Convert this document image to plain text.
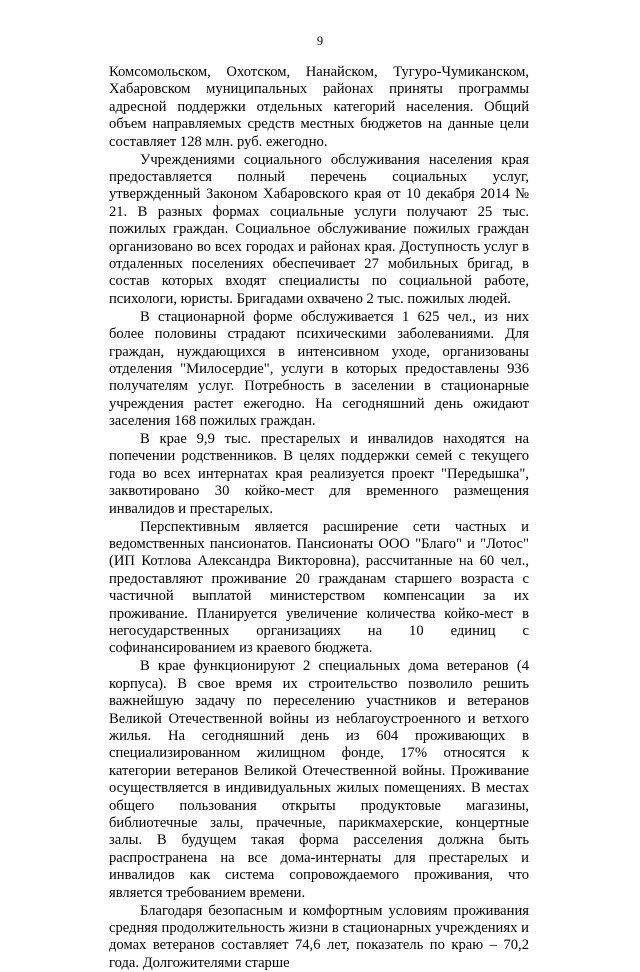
9

Комсомольском, Охотском, Нанайском, Тугуро-Чумиканском, Хабаровском муниципальных районах приняты программы адресной поддержки отдельных категорий населения. Общий объем направляемых средств местных бюджетов на данные цели составляет 128 млн. руб. ежегодно.

Учреждениями социального обслуживания населения края предоставляется полный перечень социальных услуг, утвержденный Законом Хабаровского края от 10 декабря 2014 № 21. В разных формах социальные услуги получают 25 тыс. пожилых граждан. Социальное обслуживание пожилых граждан организовано во всех городах и районах края. Доступность услуг в отдаленных поселениях обеспечивает 27 мобильных бригад, в состав которых входят специалисты по социальной работе, психологи, юристы. Бригадами охвачено 2 тыс. пожилых людей.

В стационарной форме обслуживается 1 625 чел., из них более половины страдают психическими заболеваниями. Для граждан, нуждающихся в интенсивном уходе, организованы отделения "Милосердие", услуги в которых предоставлены 936 получателям услуг. Потребность в заселении в стационарные учреждения растет ежегодно. На сегодняшний день ожидают заселения 168 пожилых граждан.

В крае 9,9 тыс. престарелых и инвалидов находятся на попечении родственников. В целях поддержки семей с текущего года во всех интернатах края реализуется проект "Передышка", заквотировано 30 койко-мест для временного размещения инвалидов и престарелых.

Перспективным является расширение сети частных и ведомственных пансионатов. Пансионаты ООО "Благо" и "Лотос" (ИП Котлова Александра Викторовна), рассчитанные на 60 чел., предоставляют проживание 20 гражданам старшего возраста с частичной выплатой министерством компенсации за их проживание. Планируется увеличение количества койко-мест в негосударственных организациях на 10 единиц с софинансированием из краевого бюджета.

В крае функционируют 2 специальных дома ветеранов (4 корпуса). В свое время их строительство позволило решить важнейшую задачу по переселению участников и ветеранов Великой Отечественной войны из неблагоустроенного и ветхого жилья. На сегодняшний день из 604 проживающих в специализированном жилищном фонде, 17% относятся к категории ветеранов Великой Отечественной войны. Проживание осуществляется в индивидуальных жилых помещениях. В местах общего пользования открыты продуктовые магазины, библиотечные залы, прачечные, парикмахерские, концертные залы. В будущем такая форма расселения должна быть распространена на все дома-интернаты для престарелых и инвалидов как система сопровождаемого проживания, что является требованием времени.

Благодаря безопасным и комфортным условиям проживания средняя продолжительность жизни в стационарных учреждениях и домах ветеранов составляет 74,6 лет, показатель по краю – 70,2 года. Долгожителями старше
